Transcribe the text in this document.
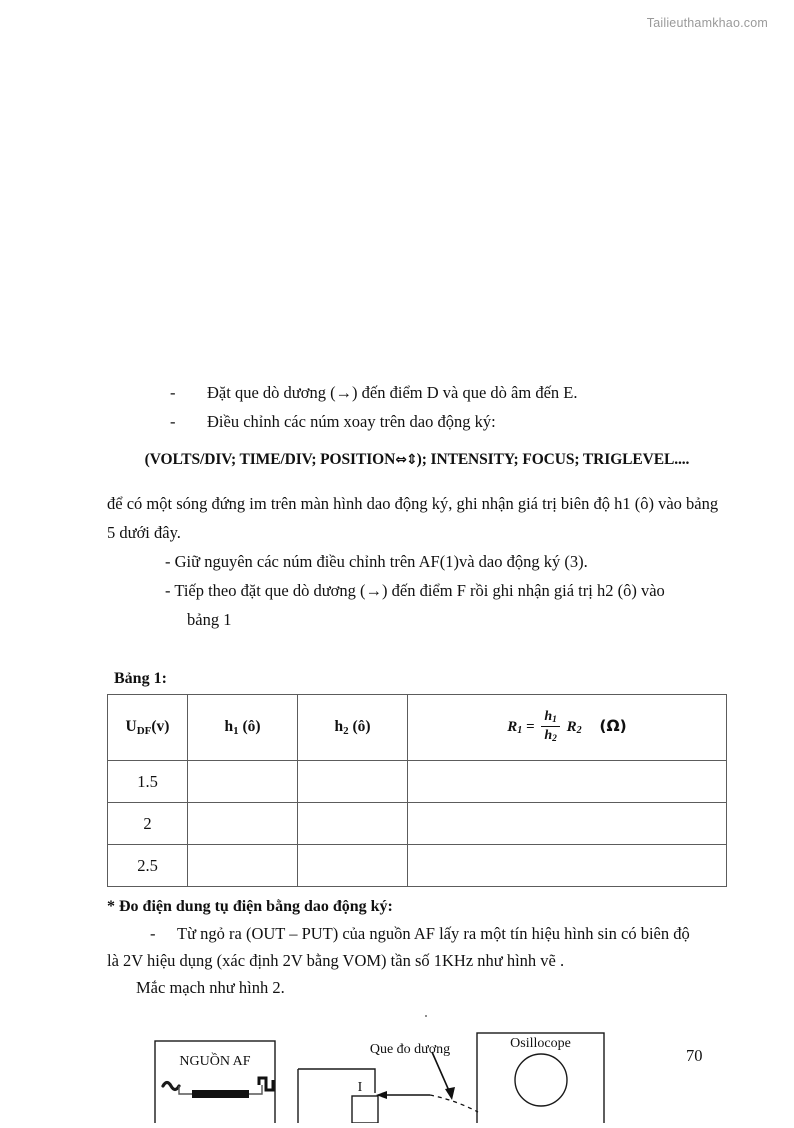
Tailieuthamkhao.com
- Đặt que dò dương (→) đến điểm D và que dò âm đến E.
- Điều chỉnh các núm xoay trên dao động ký:
(VOLTS/DIV; TIME/DIV; POSITION⇔⇕); INTENSITY; FOCUS; TRIGLEVEL....
để có một sóng đứng im trên màn hình dao động ký, ghi nhận giá trị biên độ h1 (ô) vào bảng 5 dưới đây.
- Giữ nguyên các núm điều chỉnh trên AF(1)và dao động ký (3).
- Tiếp theo đặt que dò dương (→) đến điểm F rồi ghi nhận giá trị h2 (ô) vào
bảng 1
Bảng 1:
$U_{DF}(v)$	$h_1$ (ô)	$h_2$ (ô)	$R_1 = \frac{h_1}{h_2} R_2$ (Ω)
1.5			
2			
2.5			
* Đo điện dung tụ điện bằng dao động ký:
- Từ ngỏ ra (OUT – PUT) của nguồn AF lấy ra một tín hiệu hình sin có biên độ
là 2V hiệu dụng (xác định 2V bằng VOM) tần số 1KHz như hình vẽ .
Mắc mạch như hình 2.
NGUỒN AF
Que đo dương	Osillocope
I
70
